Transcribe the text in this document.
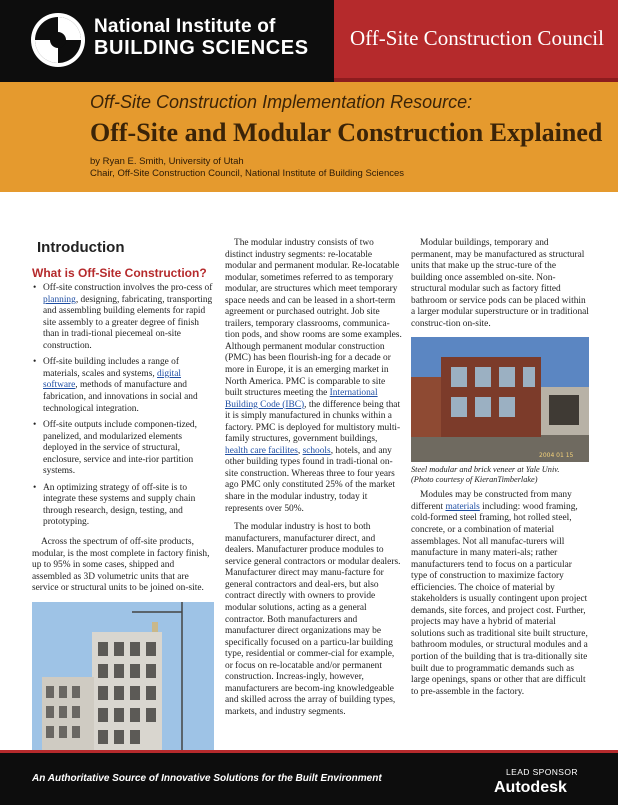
National Institute of
BUILDING SCIENCES Off-Site Construction Council
Off-Site Construction Implementation Resource:
Off-Site and Modular Construction Explained
by Ryan E. Smith, University of Utah
Chair, Off-Site Construction Council, National Institute of Building Sciences
Introduction
What is Off-Site Construction?
• Off-site construction involves the pro-cess of planning, designing, fabricating, transporting and assembling building elements for rapid site assembly to a greater degree of finish than in tradi-tional piecemeal on-site construction.
• Off-site building includes a range of materials, scales and systems, digital software, methods of manufacture and fabrication, and innovations in social and technological integration.
• Off-site outputs include componen-tized, panelized, and modularized elements deployed in the service of structural, enclosure, service and inte-rior partition systems.
• An optimizing strategy of off-site is to integrate these systems and supply chain through research, design, testing, and prototyping.

Across the spectrum of off-site products, modular, is the most complete in factory finish, up to 95% in some cases, shipped and assembled as 3D volumetric units that are service or structural units to be joined on-site.

The modular industry consists of two distinct industry segments: re-locatable modular and permanent modular. Re-locatable modular, sometimes referred to as temporary modular, are structures which meet temporary space needs and can be leased in a short-term agreement or purchased outright. Job site trailers, temporary classrooms, communica-tion pods, and show rooms are some examples. Although permanent modular construction (PMC) has been flourish-ing for a decade or more in Europe, it is an emerging market in North America. PMC is comparable to site built structures meeting the International Building Code (IBC), the difference being that it is simply manufactured in chunks within a factory. PMC is deployed for multistory multi-family structures, government buildings, health care facilites, schools, hotels, and any other building types found in tradi-tional on-site construction. Whereas three to four years ago PMC only constituted 25% of the market share in the modular industry, today it represents over 50%.

The modular industry is host to both manufacturers, manufacturer direct, and dealers. Manufacturer produce modules to service general contractors or modular dealers. Manufacturer direct may manu-facture for general contractors and deal-ers, but also contract directly with owners to provide modular solutions, acting as a general contractor. Both manufacturers and manufacturer direct organizations may be specifically focused on a particu-lar building type, residential or commer-cial for example, or focus on re-locatable and/or permanent construction. Increas-ingly, however, manufacturers are becom-ing knowledgeable and skilled across the array of building types, markets, and industry segments.

Modular buildings, temporary and permanent, may be manufactured as structural units that make up the struc-ture of the building once assembled on-site. Non-structural modular such as factory fitted bathroom or service pods can be placed within a larger modular superstructure or in traditional construc-tion on-site.

2004 01 15
Steel modular and brick veneer at Yale Univ.
(Photo courtesy of KieranTimberlake)

Modules may be constructed from many different materials including: wood framing, cold-formed steel framing, hot rolled steel, concrete, or a combination of material assemblages. Not all manufac-turers will manufacture in many materi-als; rather manufacturers tend to focus on a particular type of construction to maximize factory efficiencies. The choice of material by stakeholders is usually contingent upon project demands, site forces, and project cost. Further, projects may have a hybrid of material solutions such as traditional site built structure, bathroom modules, or structural modules and a portion of the building that is tra-ditionally site built due to programmatic demands such as large openings, spans or other that are difficult to pre-assemble in the factory.

An Authoritative Source of Innovative Solutions for the Built Environment
LEAD SPONSOR
Autodesk
